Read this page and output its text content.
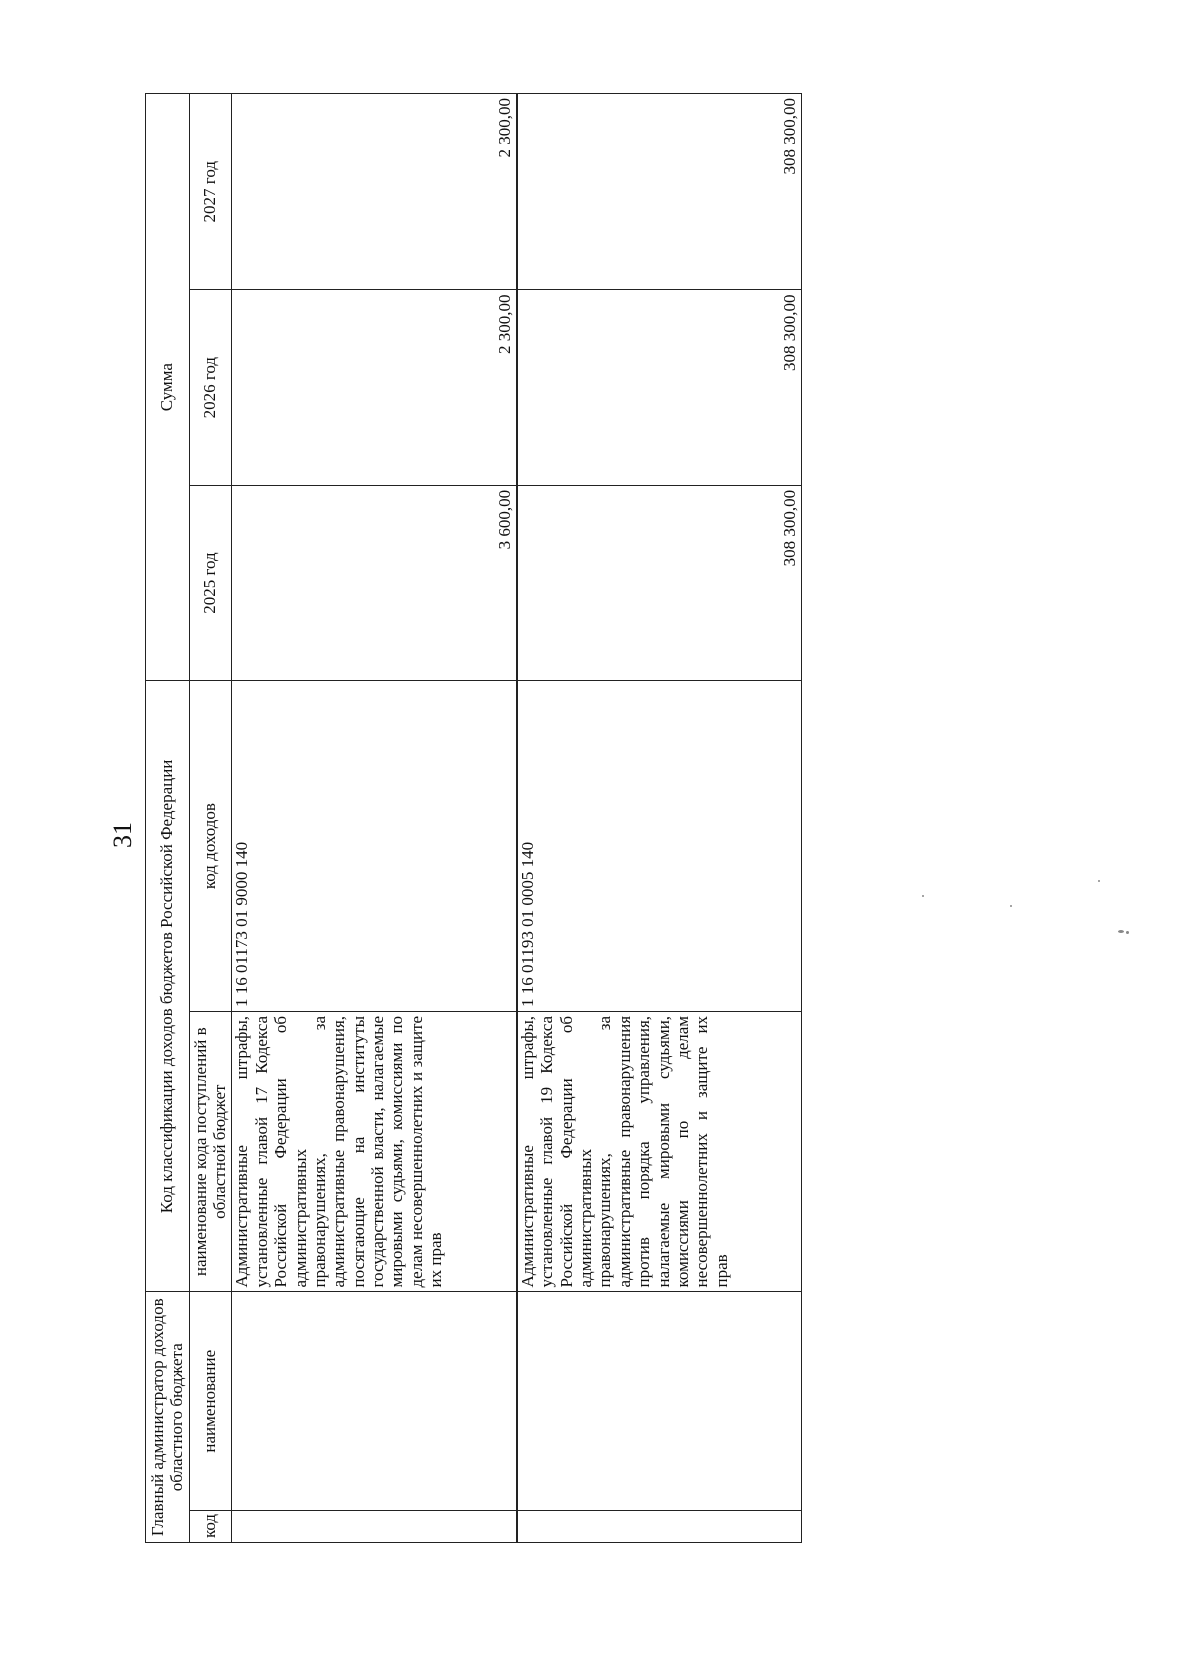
31
Главный администратор доходов областного бюджета		Код классификации доходов бюджетов Российской Федерации		Сумма		
код	наименование	наименование кода поступлений в областной бюджет	код доходов	2025 год	2026 год	2027 год
		Административные штрафы, установленные главой 17 Кодекса Российской Федерации об административных правонарушениях, за административные правонарушения, посягающие на институты государственной власти, налагаемые мировыми судьями, комиссиями по делам несовершеннолетних и защите их прав	1 16 01173 01 9000 140	3 600,00	2 300,00	2 300,00
		Административные штрафы, установленные главой 19 Кодекса Российской Федерации об административных правонарушениях, за административные правонарушения против порядка управления, налагаемые мировыми судьями, комиссиями по делам несовершеннолетних и защите их прав	1 16 01193 01 0005 140	308 300,00	308 300,00	308 300,00
